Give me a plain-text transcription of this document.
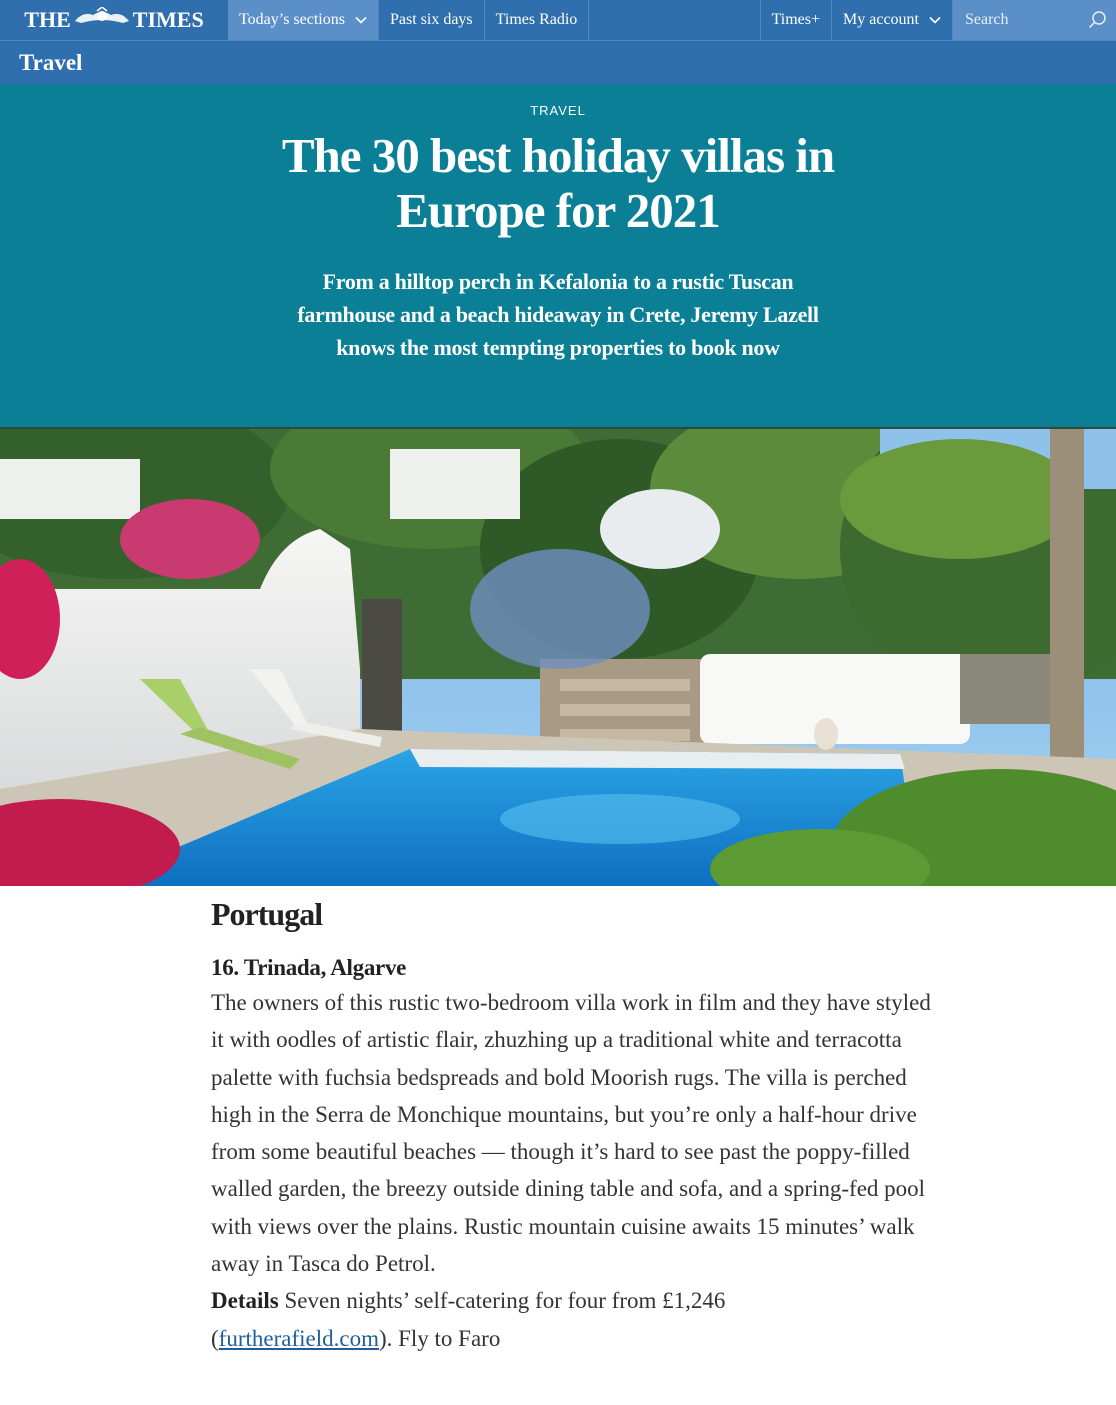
THE	TIMES Today’s sections	Past six days Times Radio	Times+ My account	Search
Travel
TRAVEL
The 30 best holiday villas in Europe for 2021
From a hilltop perch in Kefalonia to a rustic Tuscan farmhouse and a beach hideaway in Crete, Jeremy Lazell knows the most tempting properties to book now
Portugal
16. Trinada, Algarve

The owners of this rustic two-bedroom villa work in film and they have styled it with oodles of artistic flair, zhuzhing up a traditional white and terracotta palette with fuchsia bedspreads and bold Moorish rugs. The villa is perched high in the Serra de Monchique mountains, but you’re only a half-hour drive from some beautiful beaches — though it’s hard to see past the poppy-filled walled garden, the breezy outside dining table and sofa, and a spring-fed pool with views over the plains. Rustic mountain cuisine awaits 15 minutes’ walk away in Tasca do Petrol.

Details Seven nights’ self-catering for four from £1,246
(furtherafield.com). Fly to Faro
